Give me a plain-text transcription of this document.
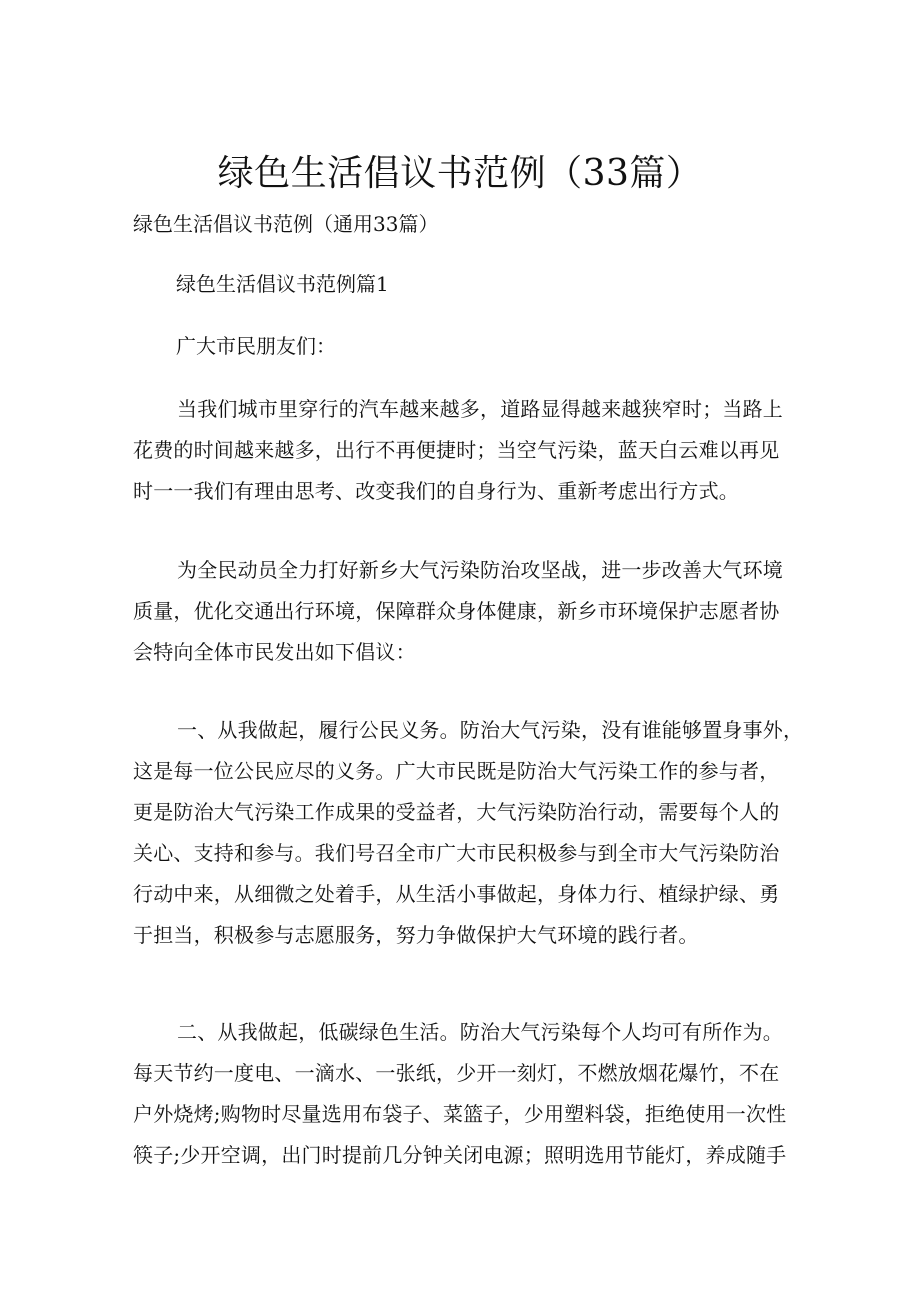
绿色生活倡议书范例（33篇）
绿色生活倡议书范例（通用33篇）
绿色生活倡议书范例篇1
广大市民朋友们：
当我们城市里穿行的汽车越来越多，道路显得越来越狭窄时；当路上
花费的时间越来越多，出行不再便捷时；当空气污染，蓝天白云难以再见
时一一我们有理由思考、改变我们的自身行为、重新考虑出行方式。
为全民动员全力打好新乡大气污染防治攻坚战，进一步改善大气环境
质量，优化交通出行环境，保障群众身体健康，新乡市环境保护志愿者协
会特向全体市民发出如下倡议：
一、从我做起，履行公民义务。防治大气污染，没有谁能够置身事外，
这是每一位公民应尽的义务。广大市民既是防治大气污染工作的参与者，
更是防治大气污染工作成果的受益者，大气污染防治行动，需要每个人的
关心、支持和参与。我们号召全市广大市民积极参与到全市大气污染防治
行动中来，从细微之处着手，从生活小事做起，身体力行、植绿护绿、勇
于担当，积极参与志愿服务，努力争做保护大气环境的践行者。
二、从我做起，低碳绿色生活。防治大气污染每个人均可有所作为。
每天节约一度电、一滴水、一张纸，少开一刻灯，不燃放烟花爆竹，不在
户外烧烤;购物时尽量选用布袋子、菜篮子，少用塑料袋，拒绝使用一次性
筷子;少开空调，出门时提前几分钟关闭电源；照明选用节能灯，养成随手
